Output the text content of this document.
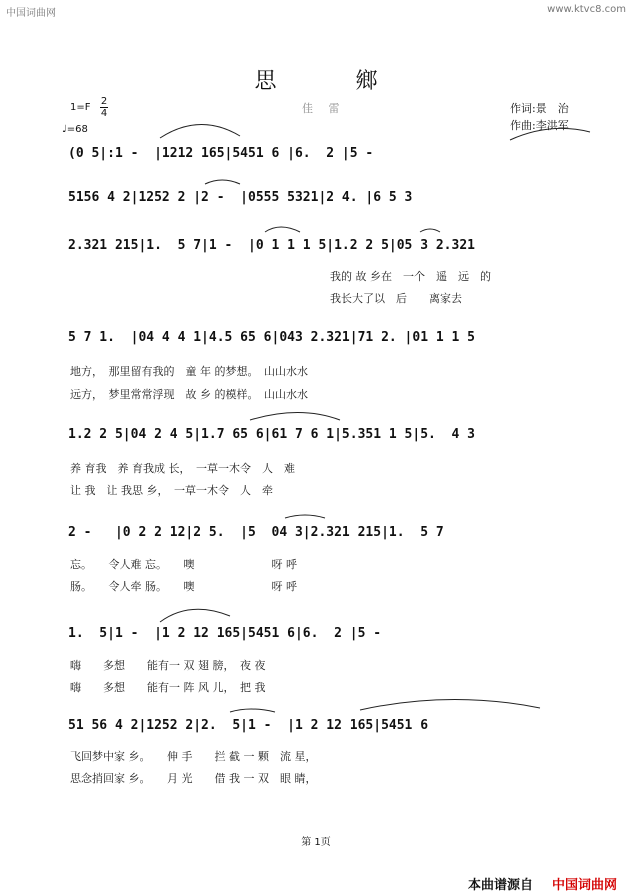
中国词曲网	www.ktvc8.com
思 鄉
佳 雷	作词:景　治
作曲:李洪军
1=F
2
4
♩=68
(0 5|:1 -  |1212 165|5451 6 |6.  2 |5 -
5156 4 2|1252 2 |2 -  |0555 5321|2 4. |6 5 3
2.321 215|1.  5 7|1 -  |0 1 1 1 5|1.2 2 5|05 3 2.321
我的 故 乡在　一个　遥　远　的
我长大了以　后　　离家去
5 7 1.  |04 4 4 1|4.5 65 6|043 2.321|71 2. |01 1 1 5
地方，　那里留有我的　童 年 的梦想。　山山水水
远方，　梦里常常浮现　故 乡 的模样。　山山水水
1.2 2 5|04 2 4 5|1.7 65 6|61 7 6 1|5.351 1 5|5.  4 3
养 育我　养 育我成 长，　一草一木令　人　难
让 我　让 我思 乡，　一草一木令　人　牵
2 -   |0 2 2 12|2 5.  |5  04 3|2.321 215|1.  5 7
忘。　　令人难 忘。　　噢　　　　　　　呀 呼
肠。　　令人牵 肠。　　噢　　　　　　　呀 呼
1.  5|1 -  |1 2 12 165|5451 6|6.  2 |5 -
嗨　　多想　　能有一 双 翅 膀，　夜 夜
嗨　　多想　　能有一 阵 风 儿，　把 我
51 56 4 2|1252 2|2.  5|1 -  |1 2 12 165|5451 6
飞回梦中家 乡。　　伸 手　　拦 截 一 颗　流 星，
思念捎回家 乡。　　月 光　　借 我 一 双　眼 睛，
第 1页
本曲谱源自 中国词曲网
